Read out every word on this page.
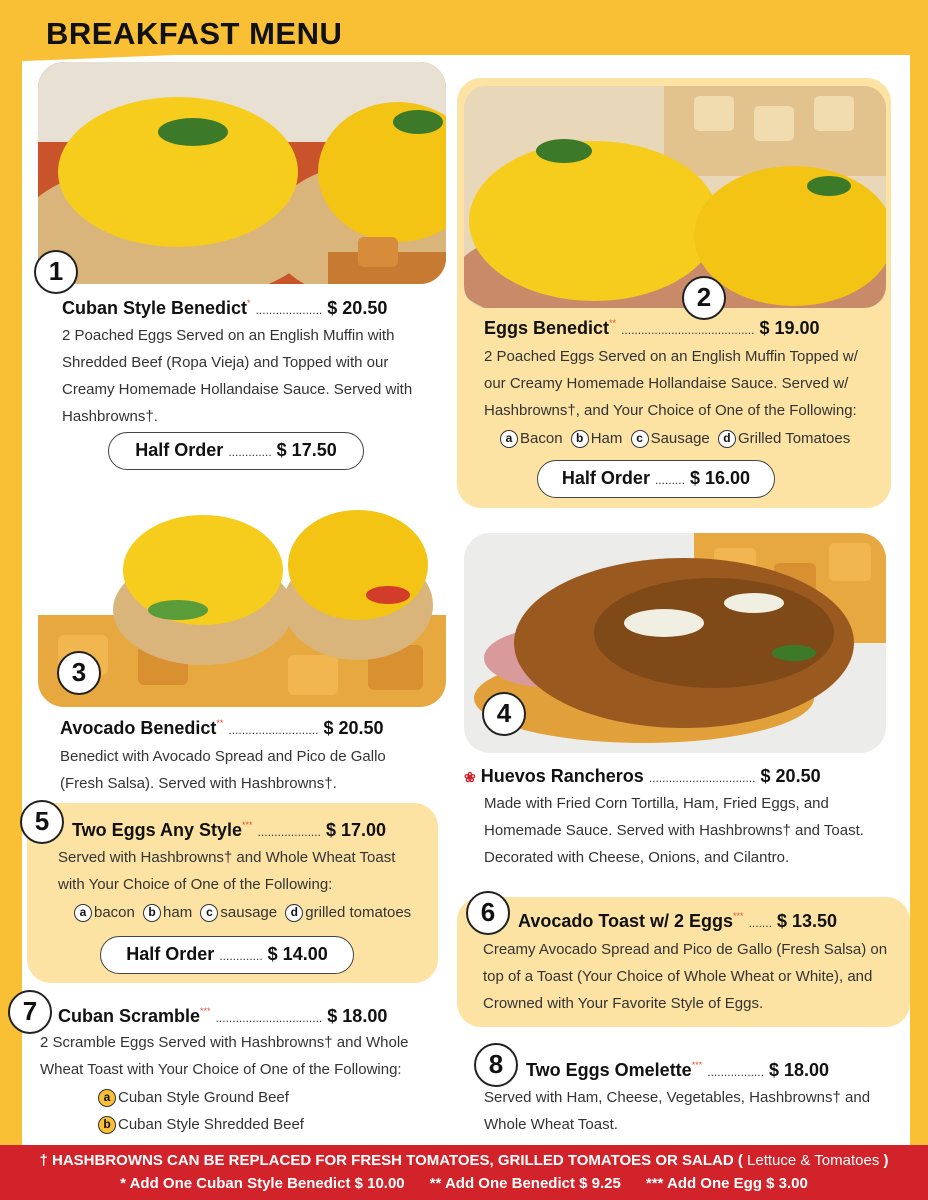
BREAKFAST MENU
1
Cuban Style Benedict* .................... $ 20.50
2 Poached Eggs Served on an English Muffin with
Shredded Beef (Ropa Vieja) and Topped with our
Creamy Homemade Hollandaise Sauce. Served with
Hashbrowns†.
Half Order ............. $ 17.50
2
Eggs Benedict** ........................................ $ 19.00
2 Poached Eggs Served on an English Muffin Topped w/
our Creamy Homemade Hollandaise Sauce. Served w/
Hashbrowns†, and Your Choice of One of the Following:
a Bacon b Ham c Sausage d Grilled Tomatoes
Half Order ......... $ 16.00
3
Avocado Benedict** ........................... $ 20.50
Benedict with Avocado Spread and Pico de Gallo
(Fresh Salsa). Served with Hashbrowns†.
4
❀ Huevos Rancheros ................................ $ 20.50
Made with Fried Corn Tortilla, Ham, Fried Eggs, and
Homemade Sauce. Served with Hashbrowns† and Toast.
Decorated with Cheese, Onions, and Cilantro.
5	Two Eggs Any Style*** ................... $ 17.00
Served with Hashbrowns† and Whole Wheat Toast
with Your Choice of One of the Following:
a bacon b ham c sausage d grilled tomatoes
Half Order ............. $ 14.00
6	Avocado Toast w/ 2 Eggs*** ....... $ 13.50
Creamy Avocado Spread and Pico de Gallo (Fresh Salsa) on
top of a Toast (Your Choice of Whole Wheat or White), and
Crowned with Your Favorite Style of Eggs.
7	Cuban Scramble*** ................................ $ 18.00
2 Scramble Eggs Served with Hashbrowns† and Whole
Wheat Toast with Your Choice of One of the Following:
a Cuban Style Ground Beef
b Cuban Style Shredded Beef
8	Two Eggs Omelette*** ................. $ 18.00
Served with Ham, Cheese, Vegetables, Hashbrowns† and
Whole Wheat Toast.
† HASHBROWNS CAN BE REPLACED FOR FRESH TOMATOES, GRILLED TOMATOES OR SALAD ( Lettuce & Tomatoes )
* Add One Cuban Style Benedict $ 10.00 ** Add One Benedict $ 9.25 *** Add One Egg $ 3.00
